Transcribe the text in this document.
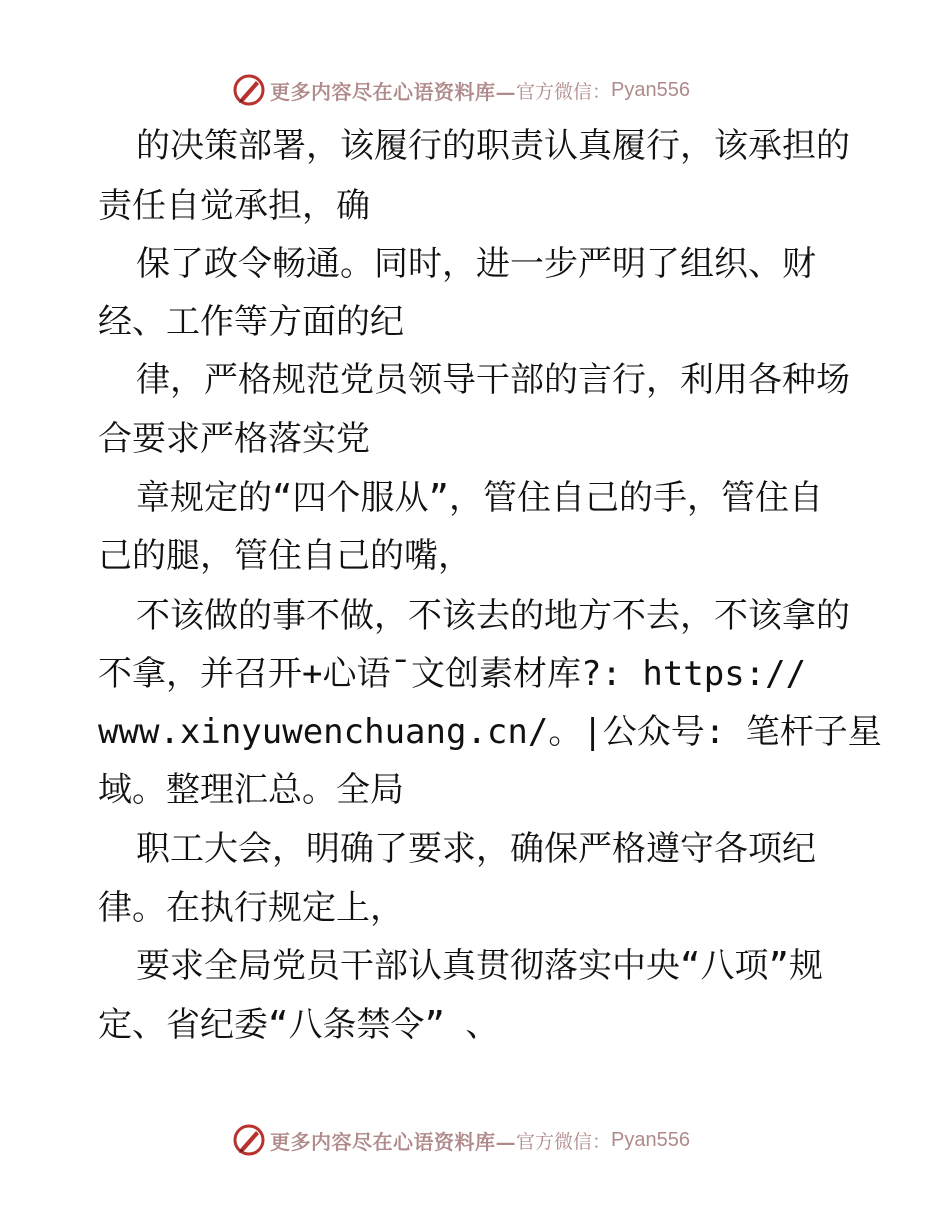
更多内容尽在心语资料库— 官方微信： Pyan556
的决策部署，该履行的职责认真履行，该承担的
责任自觉承担，确
保了政令畅通。同时，进一步严明了组织、财
经、工作等方面的纪
律，严格规范党员领导干部的言行，利用各种场
合要求严格落实党
章规定的“四个服从”，管住自己的手，管住自
己的腿，管住自己的嘴，
不该做的事不做，不该去的地方不去，不该拿的
不拿，并召开+心语¯文创素材库?: https://
www.xinyuwenchuang.cn/。|公众号: 笔杆子星
域。整理汇总。全局
职工大会，明确了要求，确保严格遵守各项纪
律。在执行规定上，
要求全局党员干部认真贯彻落实中央“八项”规
定、省纪委“八条禁令” 、
更多内容尽在心语资料库— 官方微信： Pyan556
